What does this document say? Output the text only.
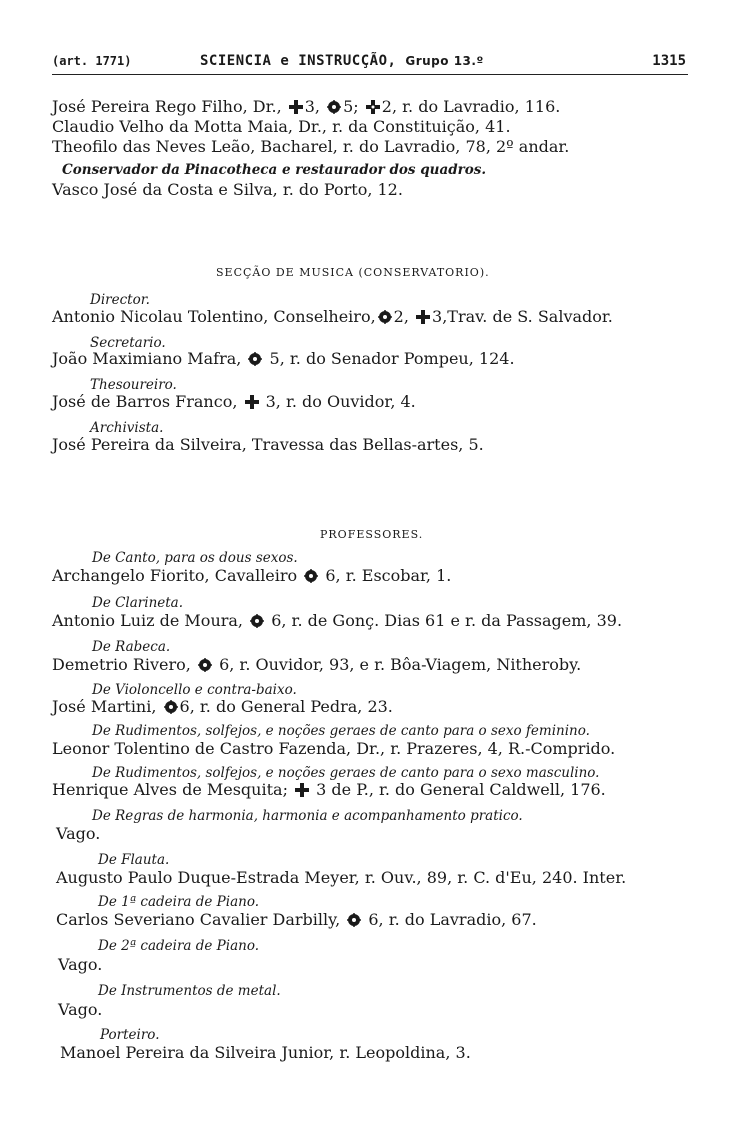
(art. 1771)	SCIENCIA e INSTRUCÇÃO, Grupo 13.º	1315
José Pereira Rego Filho, Dr., 3, 5; 2, r. do Lavradio, 116.
Claudio Velho da Motta Maia, Dr., r. da Constituição, 41.
Theofilo das Neves Leão, Bacharel, r. do Lavradio, 78, 2º andar.
Conservador da Pinacotheca e restaurador dos quadros.
Vasco José da Costa e Silva, r. do Porto, 12.
SECÇÃO DE MUSICA (CONSERVATORIO).
Director.
Antonio Nicolau Tolentino, Conselheiro, 2, 3,Trav. de S. Salvador.
Secretario.
João Maximiano Mafra, 5, r. do Senador Pompeu, 124.
Thesoureiro.
José de Barros Franco, 3, r. do Ouvidor, 4.
Archivista.
José Pereira da Silveira, Travessa das Bellas-artes, 5.
PROFESSORES.
De Canto, para os dous sexos.
Archangelo Fiorito, Cavalleiro 6, r. Escobar, 1.
De Clarineta.
Antonio Luiz de Moura, 6, r. de Gonç. Dias 61 e r. da Passagem, 39.
De Rabeca.
Demetrio Rivero, 6, r. Ouvidor, 93, e r. Bôa-Viagem, Nitheroby.
De Violoncello e contra-baixo.
José Martini, 6, r. do General Pedra, 23.
De Rudimentos, solfejos, e noções geraes de canto para o sexo feminino.
Leonor Tolentino de Castro Fazenda, Dr., r. Prazeres, 4, R.-Comprido.
De Rudimentos, solfejos, e noções geraes de canto para o sexo masculino.
Henrique Alves de Mesquita; 3 de P., r. do General Caldwell, 176.
De Regras de harmonia, harmonia e acompanhamento pratico.
Vago.
De Flauta.
Augusto Paulo Duque-Estrada Meyer, r. Ouv., 89, r. C. d'Eu, 240. Inter.
De 1ª cadeira de Piano.
Carlos Severiano Cavalier Darbilly, 6, r. do Lavradio, 67.
De 2ª cadeira de Piano.
Vago.
De Instrumentos de metal.
Vago.
Porteiro.
Manoel Pereira da Silveira Junior, r. Leopoldina, 3.
